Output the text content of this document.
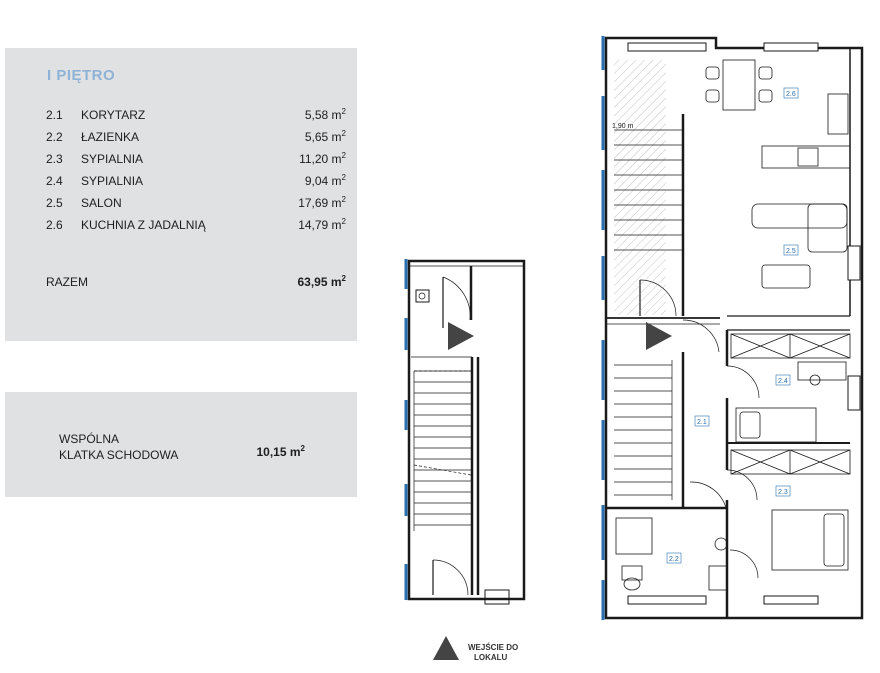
I PIĘTRO
2.1 KORYTARZ	5,58 $m^2$
2.2 ŁAZIENKA	5,65 $m^2$
2.3 SYPIALNIA	11,20 $m^2$
2.4 SYPIALNIA	9,04 $m^2$
2.5 SALON	17,69 $m^2$
2.6 KUCHNIA Z JADALNIĄ	14,79 $m^2$
RAZEM	63,95 $m^2$
WSPÓLNA
KLATKA SCHODOWA	10,15 $m^2$
1,90 m
2.6
2.5
2.4
2.1
2.3
2.2
WEJŚCIE DO
LOKALU
